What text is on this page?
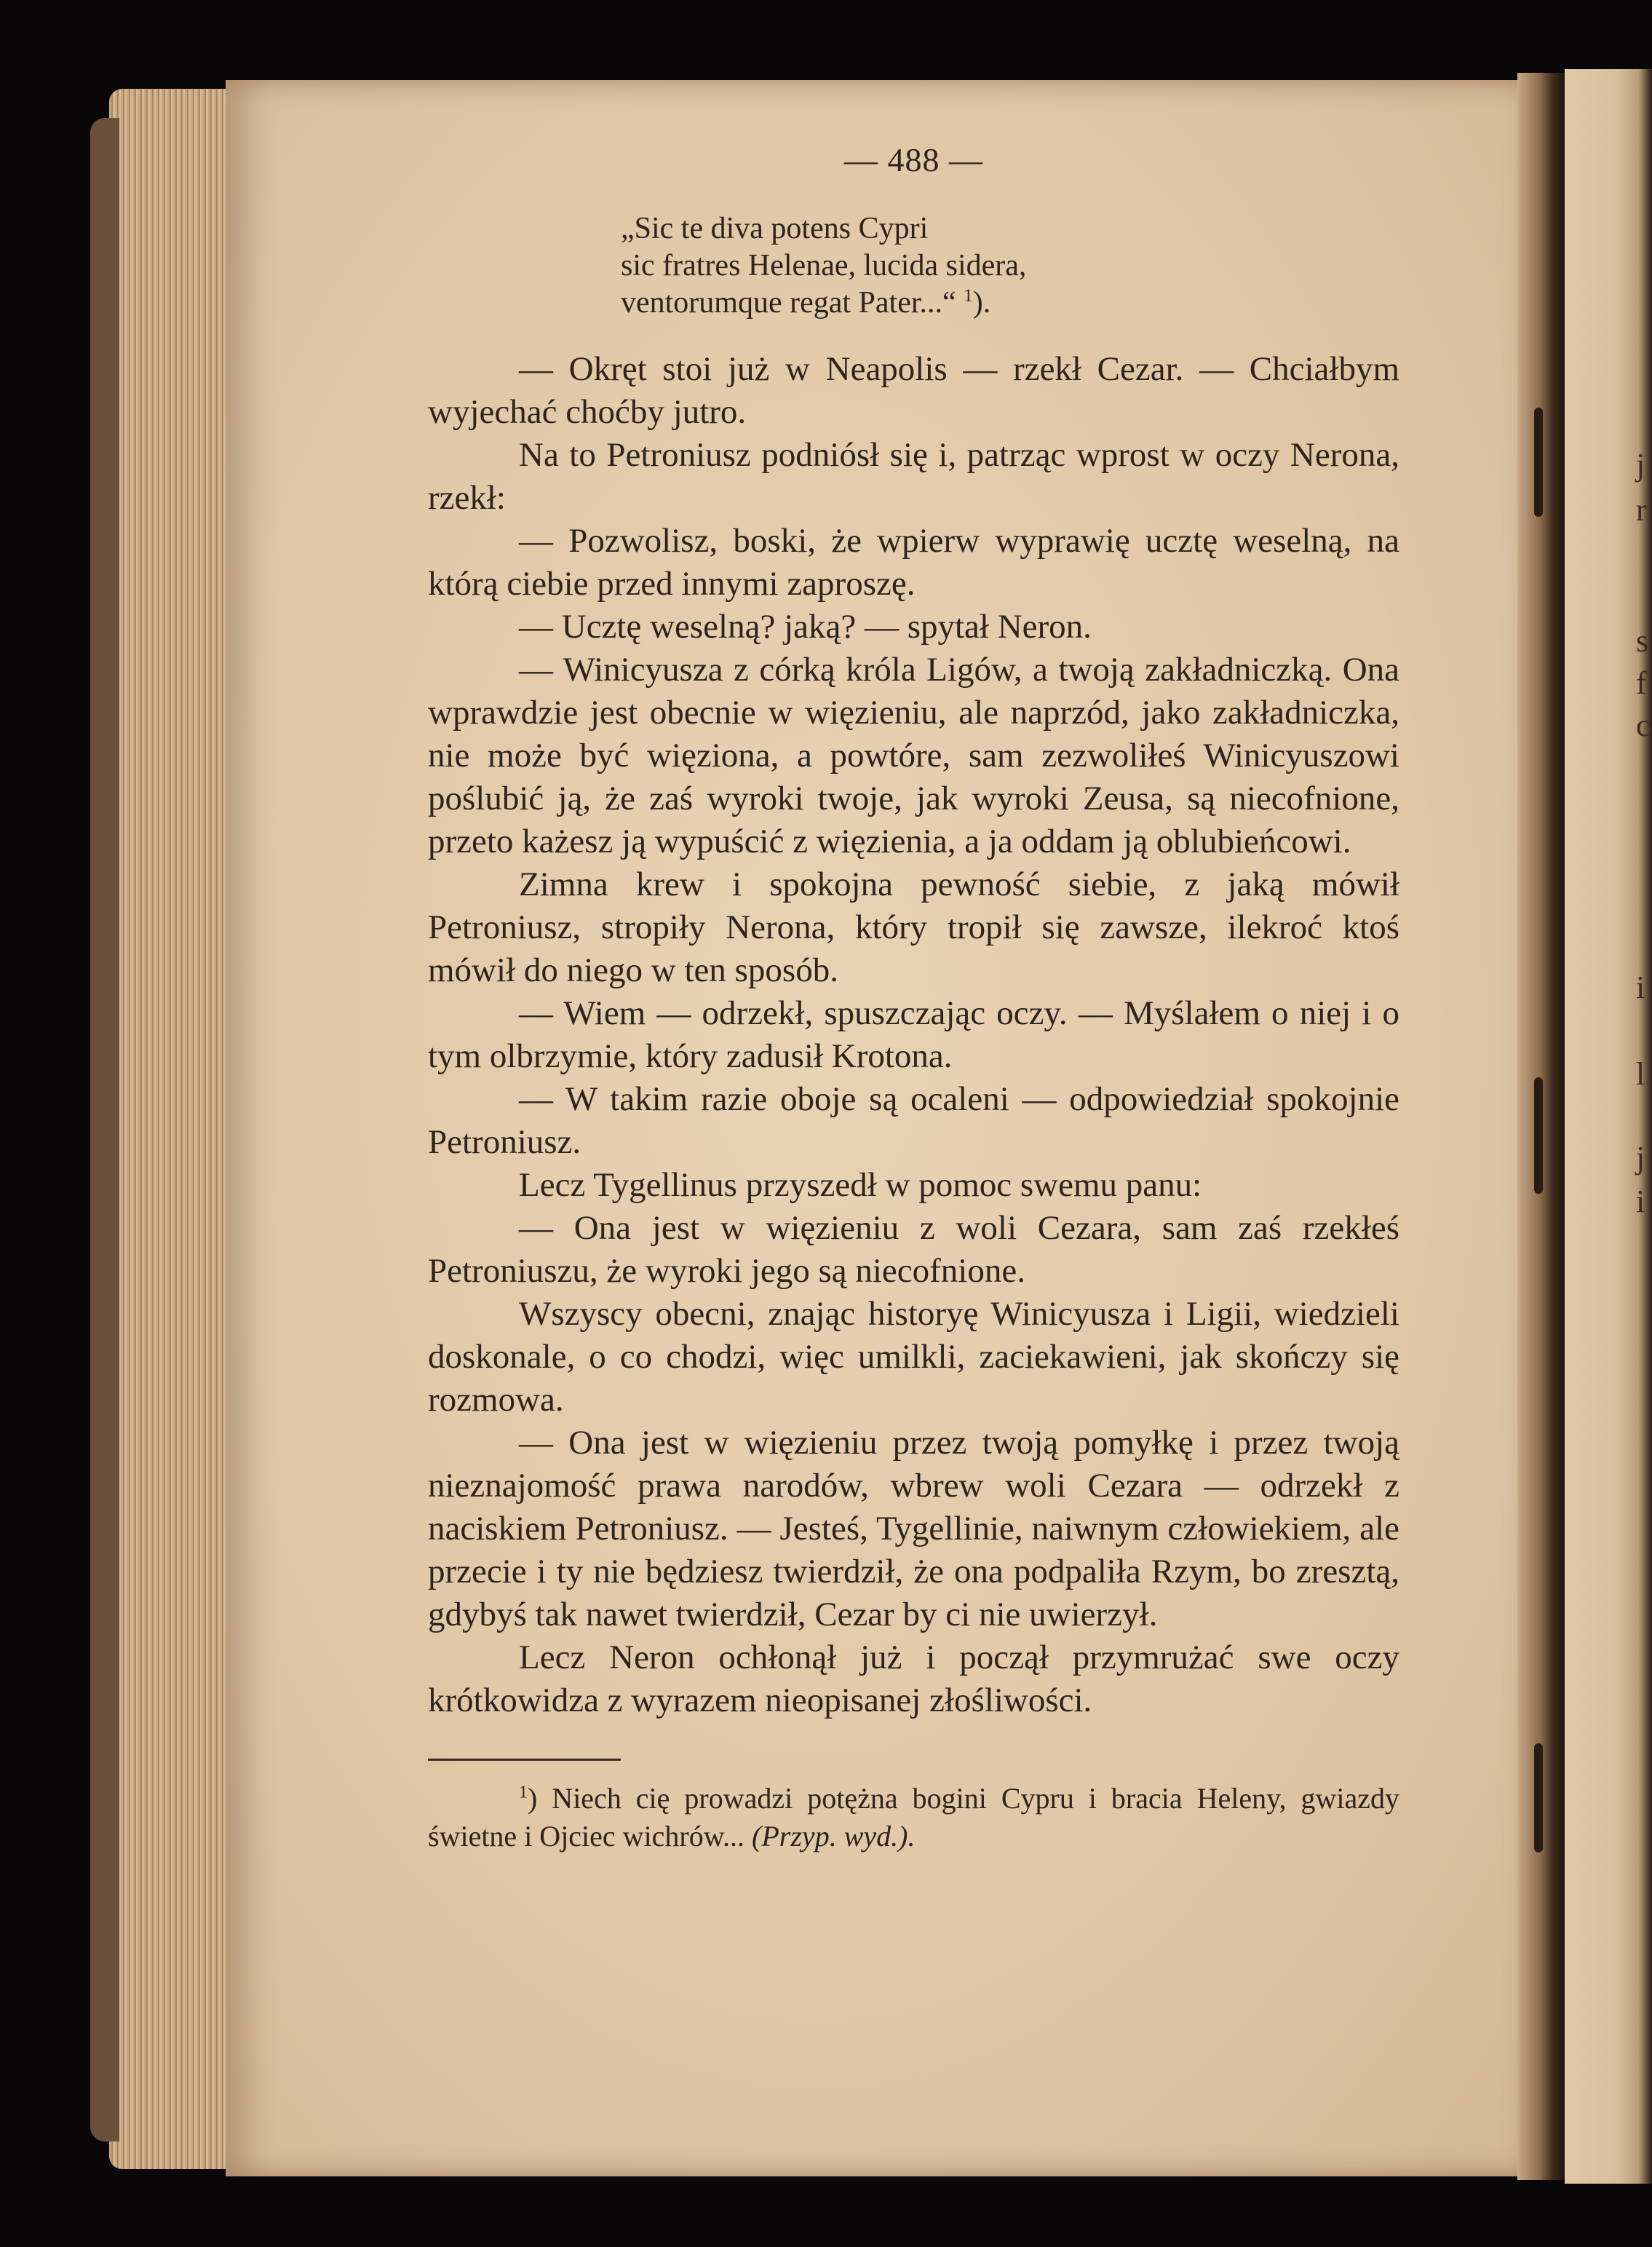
j
r
s
f
c
i
l
j
i
— 488 —
„Sic te diva potens Cypri
sic fratres Helenae, lucida sidera,
ventorumque regat Pater...“ $^1$).

— Okręt stoi już w Neapolis — rzekł Cezar. — Chciałbym wyjechać choćby jutro.

Na to Petroniusz podniósł się i, patrząc wprost w oczy Nerona, rzekł:

— Pozwolisz, boski, że wpierw wyprawię ucztę weselną, na którą ciebie przed innymi zaproszę.

— Ucztę weselną? jaką? — spytał Neron.

— Winicyusza z córką króla Ligów, a twoją zakładniczką. Ona wprawdzie jest obecnie w więzieniu, ale naprzód, jako zakładniczka, nie może być więziona, a powtóre, sam zezwoliłeś Winicyuszowi poślubić ją, że zaś wyroki twoje, jak wyroki Zeusa, są niecofnione, przeto każesz ją wypuścić z więzienia, a ja oddam ją oblubieńcowi.

Zimna krew i spokojna pewność siebie, z jaką mówił Petroniusz, stropiły Nerona, który tropił się zawsze, ilekroć ktoś mówił do niego w ten sposób.

— Wiem — odrzekł, spuszczając oczy. — Myślałem o niej i o tym olbrzymie, który zadusił Krotona.

— W takim razie oboje są ocaleni — odpowiedział spokojnie Petroniusz.

Lecz Tygellinus przyszedł w pomoc swemu panu:

— Ona jest w więzieniu z woli Cezara, sam zaś rzekłeś Petroniuszu, że wyroki jego są niecofnione.

Wszyscy obecni, znając historyę Winicyusza i Ligii, wiedzieli doskonale, o co chodzi, więc umilkli, zaciekawieni, jak skończy się rozmowa.

— Ona jest w więzieniu przez twoją pomyłkę i przez twoją nieznajomość prawa narodów, wbrew woli Cezara — odrzekł z naciskiem Petroniusz. — Jesteś, Tygellinie, naiwnym człowiekiem, ale przecie i ty nie będziesz twierdził, że ona podpaliła Rzym, bo zresztą, gdybyś tak nawet twierdził, Cezar by ci nie uwierzył.

Lecz Neron ochłonął już i począł przymrużać swe oczy krótkowidza z wyrazem nieopisanej złośliwości.

$^1$) Niech cię prowadzi potężna bogini Cypru i bracia Heleny, gwiazdy świetne i Ojciec wichrów... (Przyp. wyd.).
